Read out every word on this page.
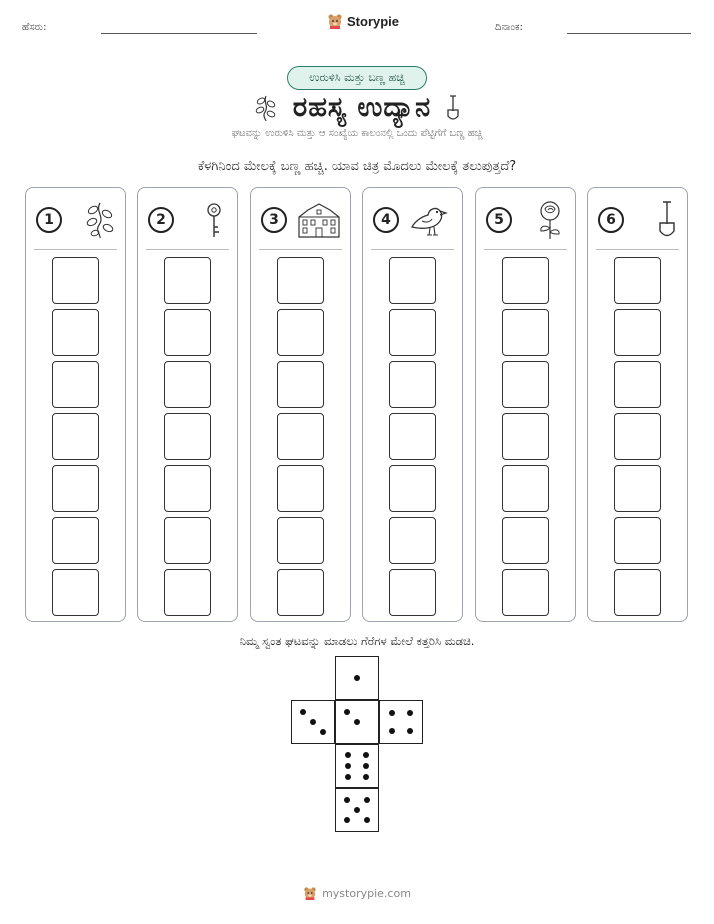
ಹೆಸರು:	Storypie	ದಿನಾಂಕ:
ಉರುಳಿಸಿ ಮತ್ತು ಬಣ್ಣ ಹಚ್ಚಿ
ರಹಸ್ಯ ಉದ್ಯಾನ
ಘಟವನ್ನು ಉರುಳಿಸಿ ಮತ್ತು ಆ ಸಂಖ್ಯೆಯ ಕಾಲಂನಲ್ಲಿ ಒಂದು ಪೆಟ್ಟಿಗೆಗೆ ಬಣ್ಣ ಹಚ್ಚಿ
ಕೆಳಗಿನಿಂದ ಮೇಲಕ್ಕೆ ಬಣ್ಣ ಹಚ್ಚಿ. ಯಾವ ಚಿತ್ರ ಮೊದಲು ಮೇಲಕ್ಕೆ ತಲುಪುತ್ತದೆ?
1	2	3	4	5	6
ನಿಮ್ಮ ಸ್ವಂತ ಘಟವನ್ನು ಮಾಡಲು ಗೆರೆಗಳ ಮೇಲೆ ಕತ್ತರಿಸಿ ಮಡಚಿ.
mystorypie.com
